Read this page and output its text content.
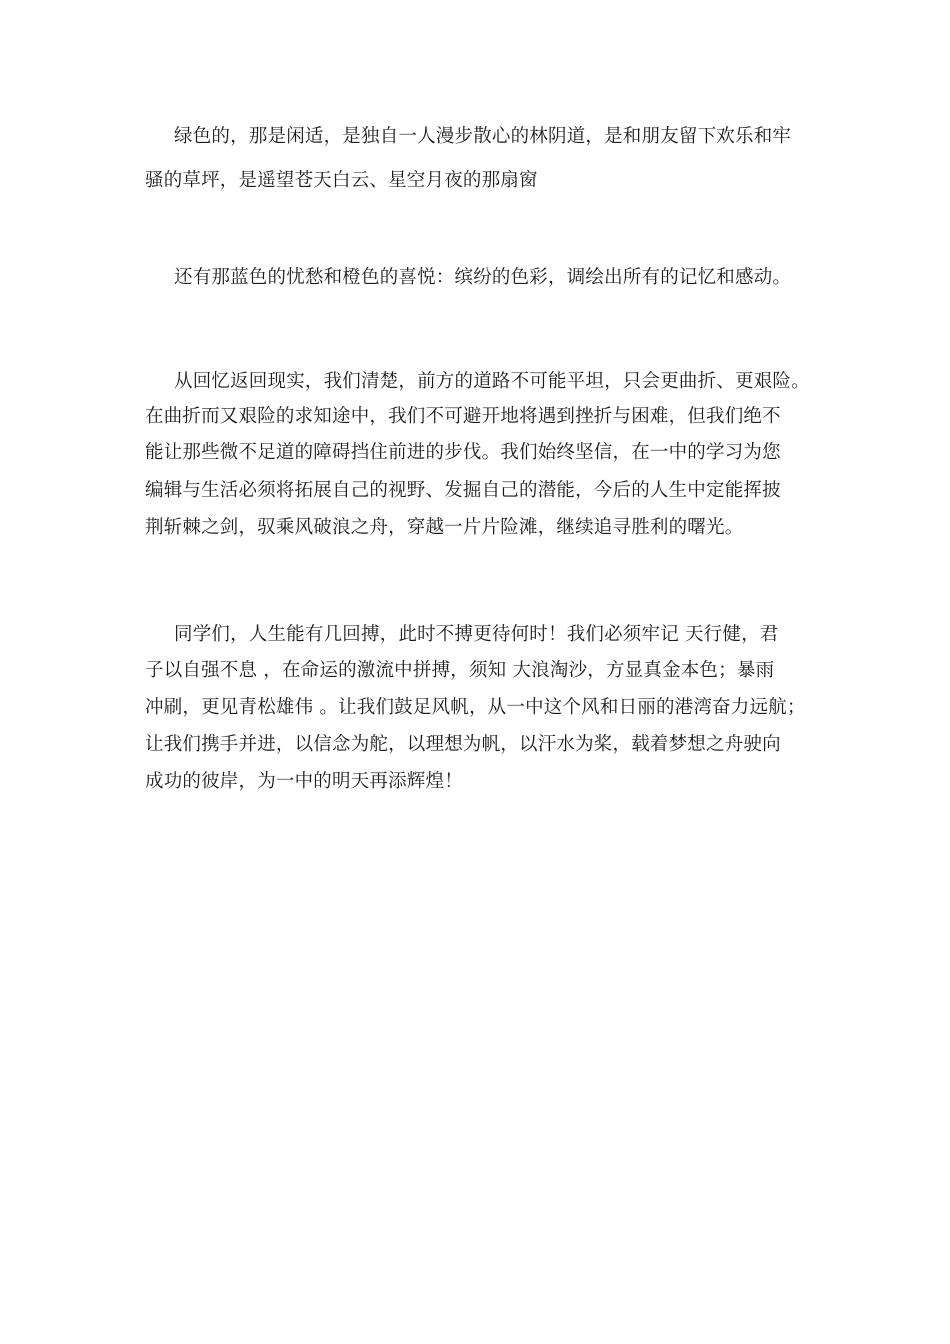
绿色的，那是闲适，是独自一人漫步散心的林阴道，是和朋友留下欢乐和牢
骚的草坪，是遥望苍天白云、星空月夜的那扇窗
还有那蓝色的忧愁和橙色的喜悦：缤纷的色彩，调绘出所有的记忆和感动。
从回忆返回现实，我们清楚，前方的道路不可能平坦，只会更曲折、更艰险。
在曲折而又艰险的求知途中，我们不可避开地将遇到挫折与困难，但我们绝不
能让那些微不足道的障碍挡住前进的步伐。我们始终坚信，在一中的学习为您
编辑与生活必须将拓展自己的视野、发掘自己的潜能，今后的人生中定能挥披
荆斩棘之剑，驭乘风破浪之舟，穿越一片片险滩，继续追寻胜利的曙光。
同学们，人生能有几回搏，此时不搏更待何时！我们必须牢记 天行健，君
子以自强不息 ，在命运的激流中拼搏，须知 大浪淘沙，方显真金本色；暴雨
冲刷，更见青松雄伟 。让我们鼓足风帆，从一中这个风和日丽的港湾奋力远航；
让我们携手并进，以信念为舵，以理想为帆，以汗水为桨，载着梦想之舟驶向
成功的彼岸，为一中的明天再添辉煌！
